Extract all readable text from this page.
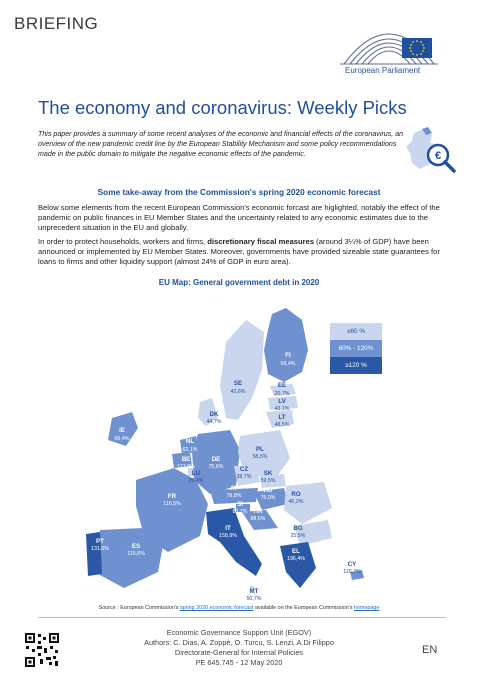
BRIEFING
European Parliament
The economy and coronavirus: Weekly Picks
This paper provides a summary of some recent analyses of the economic and financial effects of the coronavirus, an overview of the new pandemic credit line by the European Stability Mechanism and some policy recommendations made in the public domain to mitigate the negative economic effects of the pandemic.	€
Some take-away from the Commission's spring 2020 economic forecast
Below some elements from the recent European Commission's economic forcast are higlighted, notably the effect of the pandemic on public finances in EU Member States and the uncertainty related to any economic estimates due to the unprecedent situation in the EU and globally.
In order to protect households, workers and firms, discretionary fiscal measures (around 3¼% of GDP) have been announced or implemented by EU Member States. Moreover, governments have provided sizeable state guarantees for loans to firms and other liquidity support (almost 24% of GDP in euro area).
EU Map: General government debt in 2020
≤60 %
60% - 120%
≥120 %
FI
69,4%
SE
42,6%
EE
20,7%
LV
43,1%
LT
48,5%
DK
44,7%
IE
66,4%	NL
62,1%
BE
113,8%
LU
26,4%
DE
75,6%
PL
58,5%
CZ
38,7%	SK
59,5%
AT
78,8%
HU
75,0%
SI
83,7% HR
88,6%
FR
116,5%
RO
46,2%
BG
25,5%
IT
158,9%
EL
196,4%
ES
115,6%
PT
131,6%
CY
115,7%
MT
50,7%
Source : European Commission's spring 2020 economic forecast available on the European Commission's homepage
Economic Governance Support Unit (EGOV)
Authors: C. Dias, A. Zoppè, O. Turcu, S. Lenzi, A.Di Filippo
Directorate-General for Internal Policies
PE 645.745 - 12 May 2020
EN
